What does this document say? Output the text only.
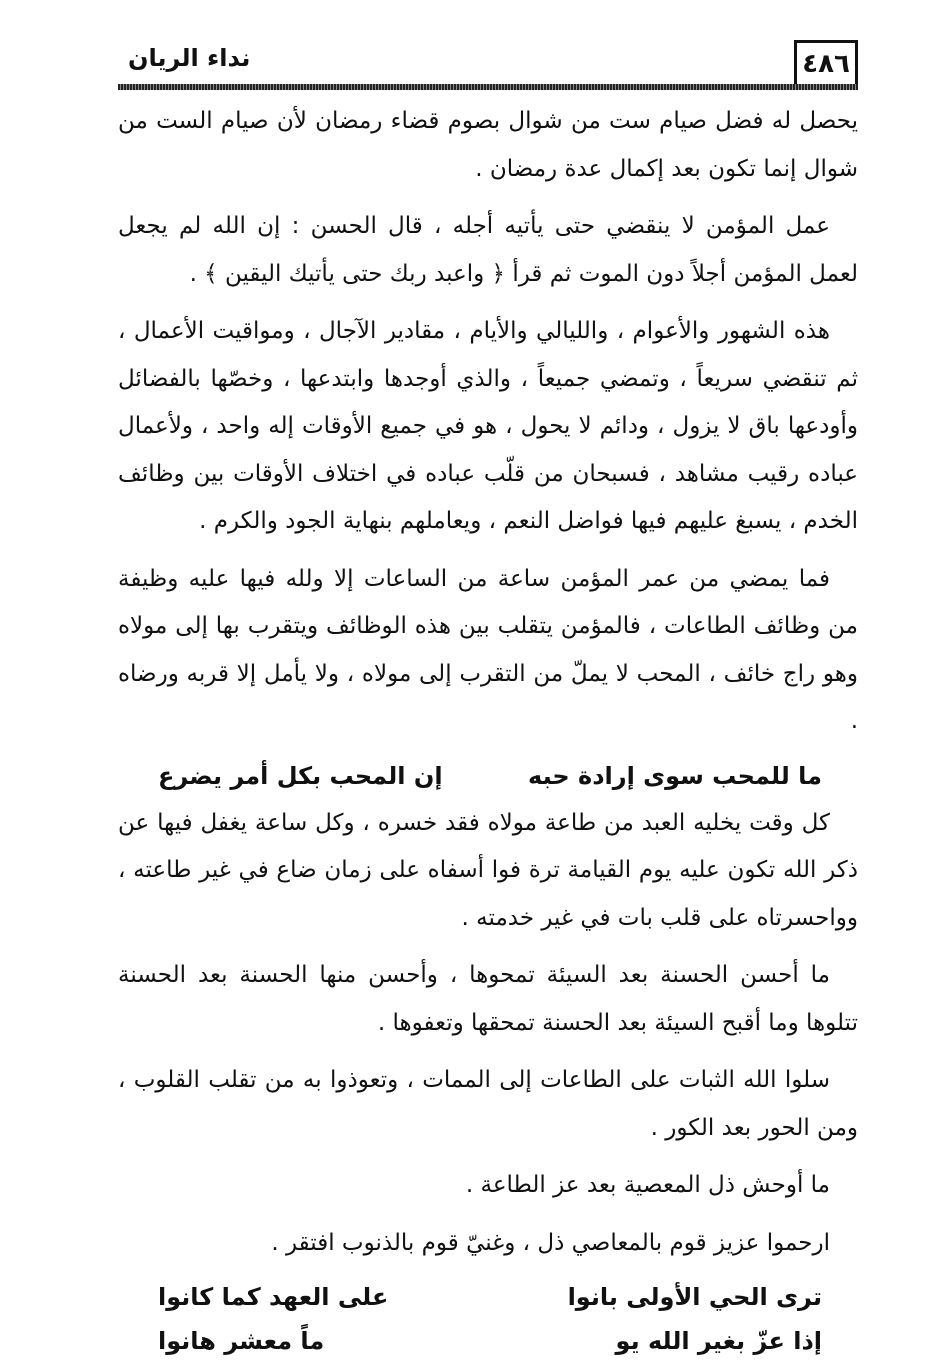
٤٨٦
نداء الريان

يحصل له فضل صيام ست من شوال بصوم قضاء رمضان لأن صيام الست من شوال إنما تكون بعد إكمال عدة رمضان .

عمل المؤمن لا ينقضي حتى يأتيه أجله ، قال الحسن : إن الله لم يجعل لعمل المؤمن أجلاً دون الموت ثم قرأ ﴿ واعبد ربك حتى يأتيك اليقين ﴾ .

هذه الشهور والأعوام ، والليالي والأيام ، مقادير الآجال ، ومواقيت الأعمال ، ثم تنقضي سريعاً ، وتمضي جميعاً ، والذي أوجدها وابتدعها ، وخصّها بالفضائل وأودعها باق لا يزول ، ودائم لا يحول ، هو في جميع الأوقات إله واحد ، ولأعمال عباده رقيب مشاهد ، فسبحان من قلّب عباده في اختلاف الأوقات بين وظائف الخدم ، يسبغ عليهم فيها فواضل النعم ، ويعاملهم بنهاية الجود والكرم .

فما يمضي من عمر المؤمن ساعة من الساعات إلا ولله فيها عليه وظيفة من وظائف الطاعات ، فالمؤمن يتقلب بين هذه الوظائف ويتقرب بها إلى مولاه وهو راج خائف ، المحب لا يملّ من التقرب إلى مولاه ، ولا يأمل إلا قربه ورضاه .

ما للمحب سوى إرادة حبه
إن المحب بكل أمر يضرع

كل وقت يخليه العبد من طاعة مولاه فقد خسره ، وكل ساعة يغفل فيها عن ذكر الله تكون عليه يوم القيامة ترة فوا أسفاه على زمان ضاع في غير طاعته ، وواحسرتاه على قلب بات في غير خدمته .

ما أحسن الحسنة بعد السيئة تمحوها ، وأحسن منها الحسنة بعد الحسنة تتلوها وما أقبح السيئة بعد الحسنة تمحقها وتعفوها .

سلوا الله الثبات على الطاعات إلى الممات ، وتعوذوا به من تقلب القلوب ، ومن الحور بعد الكور .

ما أوحش ذل المعصية بعد عز الطاعة .

ارحموا عزيز قوم بالمعاصي ذل ، وغنيّ قوم بالذنوب افتقر .

ترى الحي الأولى بانوا
على العهد كما كانوا
إذا عزّ بغير الله يو
ماً معشر هانوا
